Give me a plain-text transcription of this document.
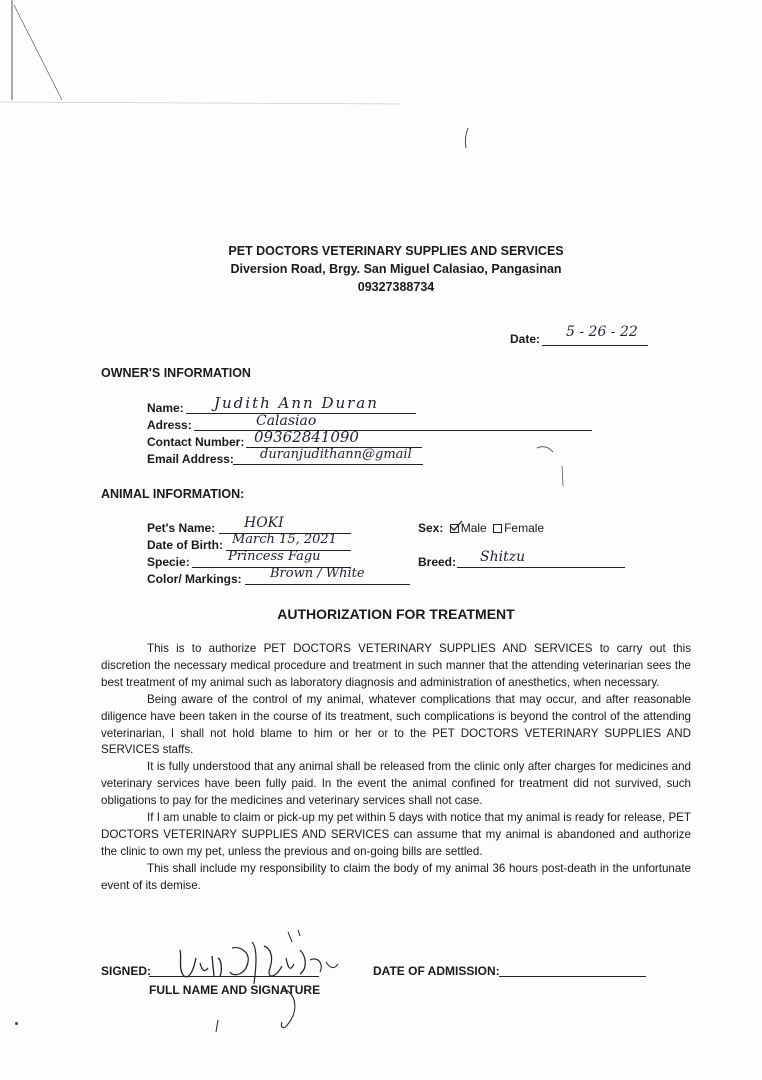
PET DOCTORS VETERINARY SUPPLIES AND SERVICES
Diversion Road, Brgy. San Miguel Calasiao, Pangasinan
09327388734
Date: 5 - 26 - 22
OWNER'S INFORMATION
Name: Judith Ann Duran
Adress:	Calasiao
Contact Number: 09362841090
Email Address: duranjudithann@gmail
ANIMAL INFORMATION:
Pet's Name: HOKI
Date of Birth: March 15, 2021
Specie:	Princess Fagu
Color/ Markings: Brown / White
Sex: Male Female
Breed: Shitzu
AUTHORIZATION FOR TREATMENT

This is to authorize PET DOCTORS VETERINARY SUPPLIES AND SERVICES to carry out this discretion the necessary medical procedure and treatment in such manner that the attending veterinarian sees the best treatment of my animal such as laboratory diagnosis and administration of anesthetics, when necessary.

Being aware of the control of my animal, whatever complications that may occur, and after reasonable diligence have been taken in the course of its treatment, such complications is beyond the control of the attending veterinarian, I shall not hold blame to him or her or to the PET DOCTORS VETERINARY SUPPLIES AND SERVICES staffs.

It is fully understood that any animal shall be released from the clinic only after charges for medicines and veterinary services have been fully paid. In the event the animal confined for treatment did not survived, such obligations to pay for the medicines and veterinary services shall not case.

If I am unable to claim or pick-up my pet within 5 days with notice that my animal is ready for release, PET DOCTORS VETERINARY SUPPLIES AND SERVICES can assume that my animal is abandoned and authorize the clinic to own my pet, unless the previous and on-going bills are settled.

This shall include my responsibility to claim the body of my animal 36 hours post-death in the unfortunate event of its demise.

SIGNED:
FULL NAME AND SIGNATURE
DATE OF ADMISSION:
